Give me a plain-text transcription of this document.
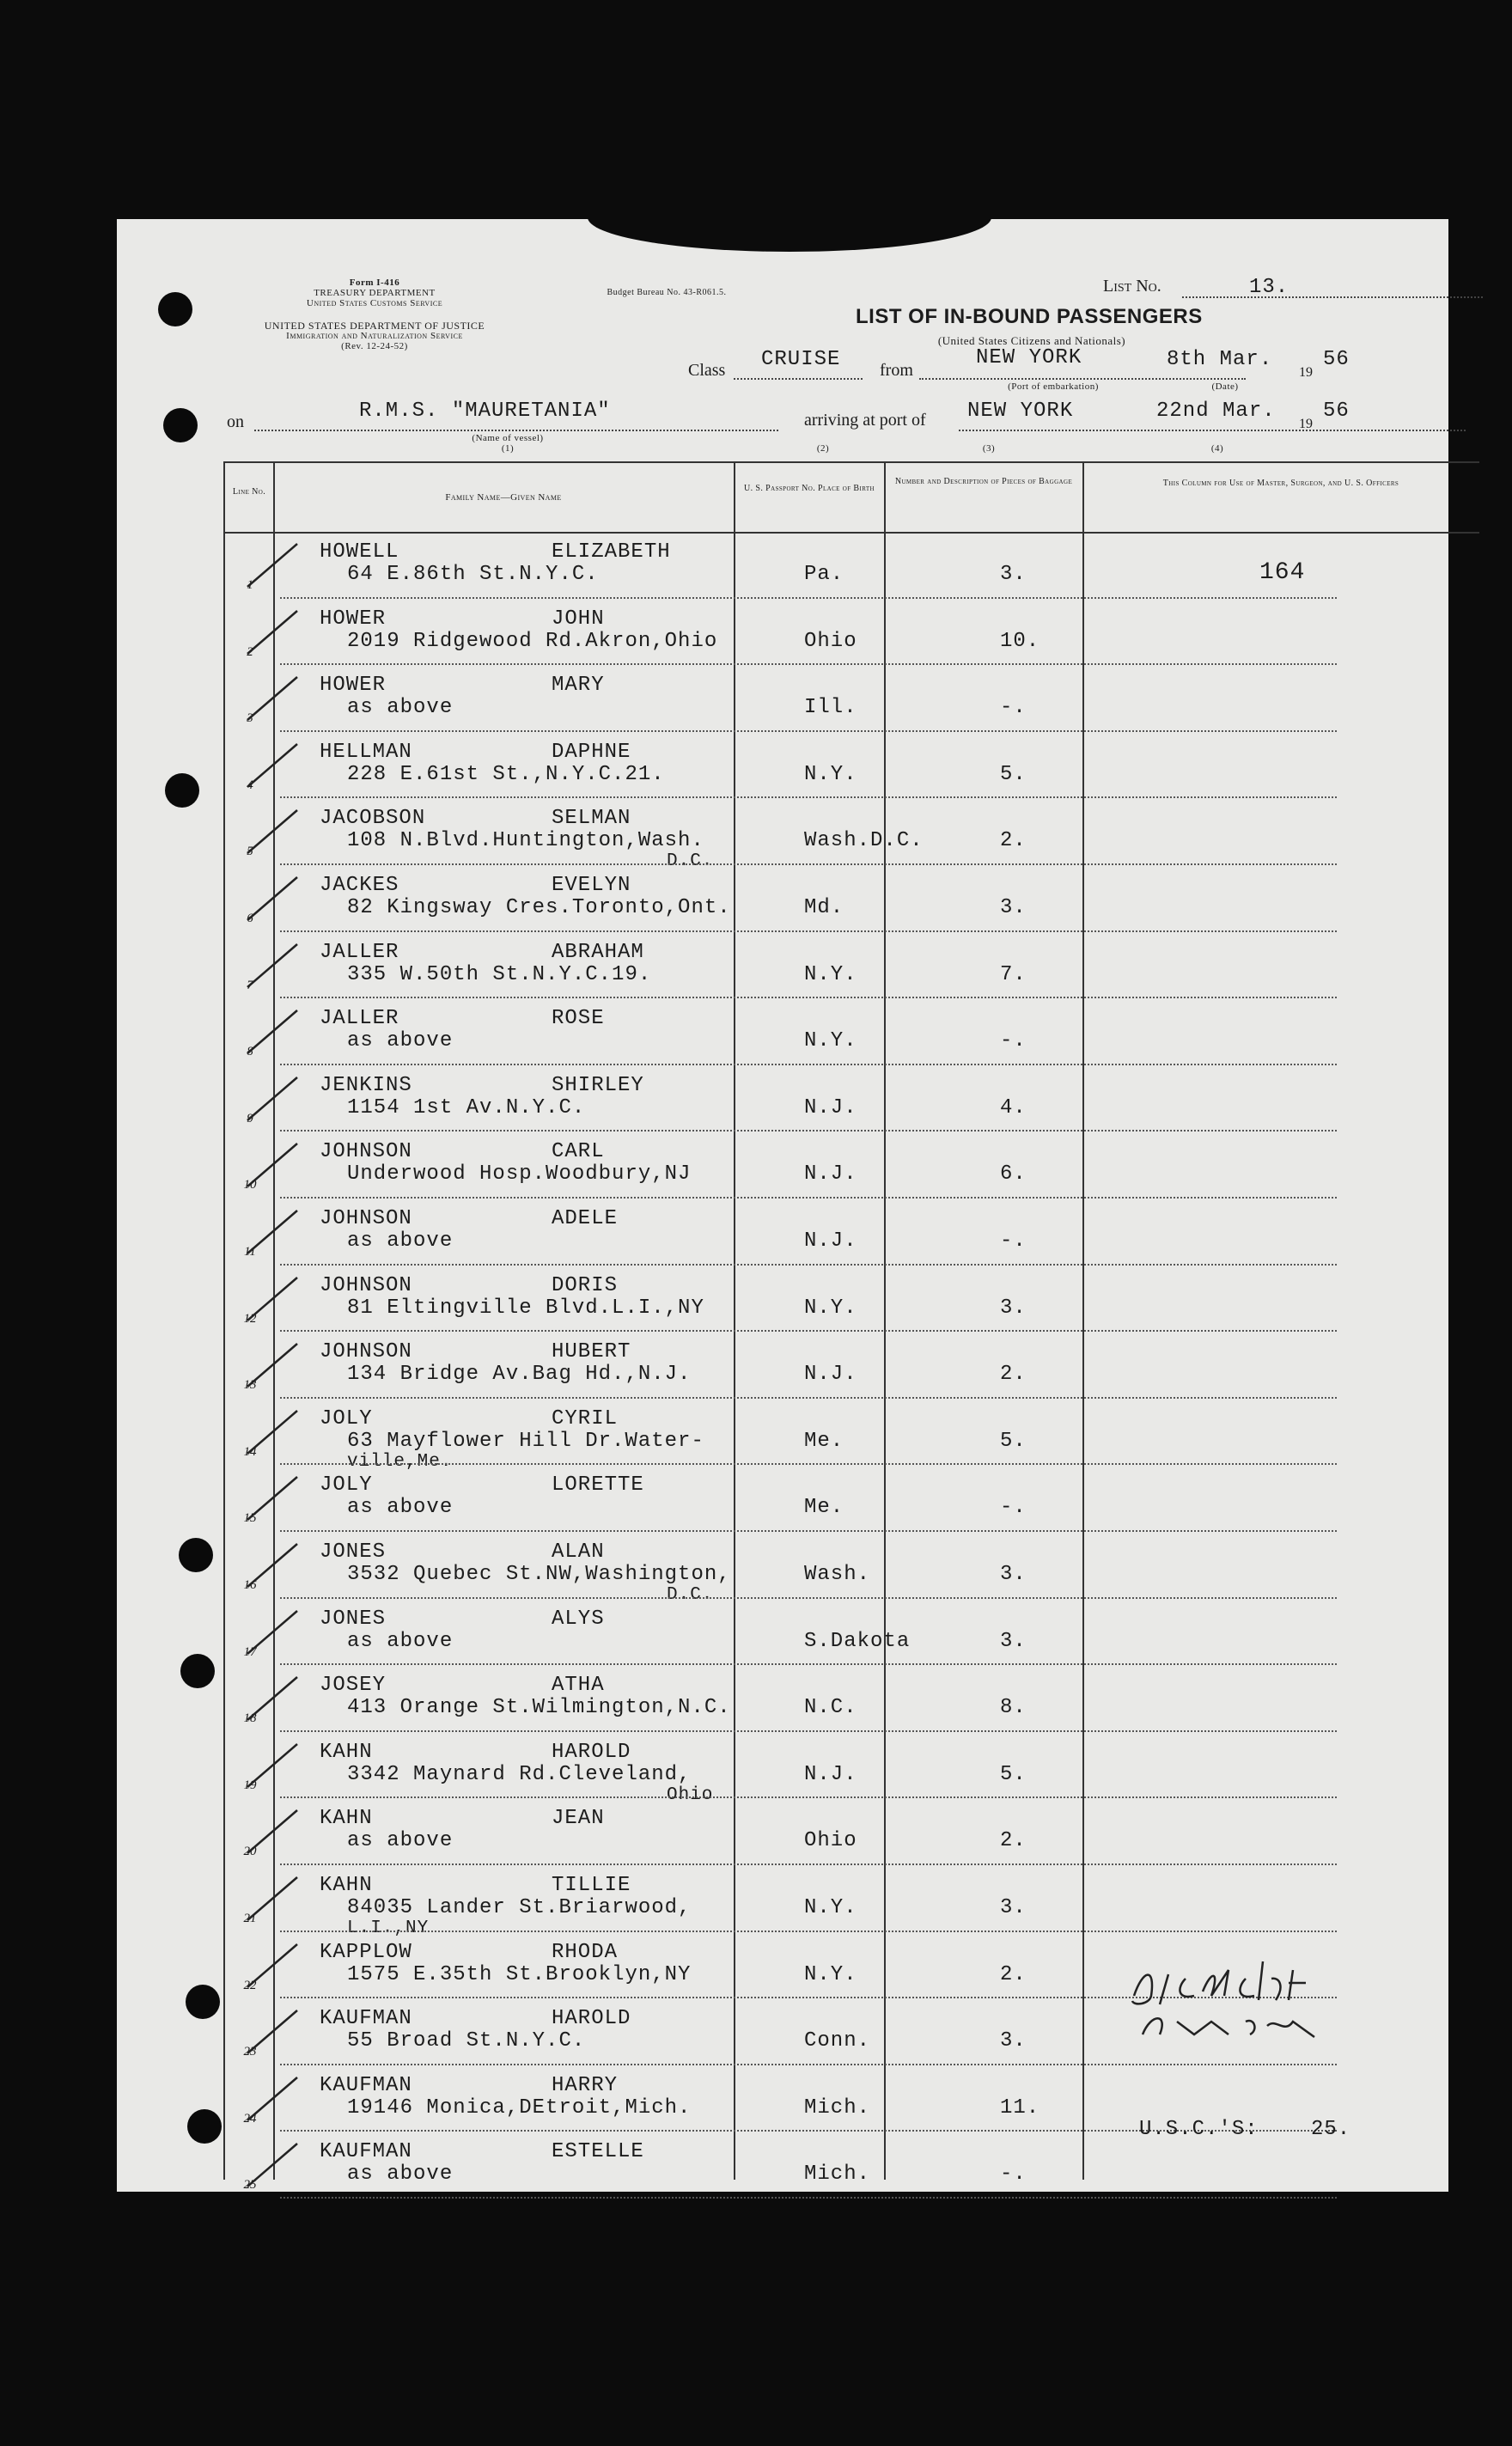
Form I-416
TREASURY DEPARTMENT
United States Customs Service
Budget Bureau No. 43-R061.5.
UNITED STATES DEPARTMENT OF JUSTICE
Immigration and Naturalization Service
(Rev. 12-24-52)
List No.	13.
LIST OF IN-BOUND PASSENGERS
(United States Citizens and Nationals)
Class CRUISE from
NEW YORK
(Port of embarkation)
8th Mar.
19
56
(Date)
on	R.M.S. "MAURETANIA"
(Name of vessel)
(1)
arriving at port of NEW YORK	22nd Mar.
19
56
(2)	(3)	(4)
Line No.
Family Name—Given Name
U. S. Passport No. Place of Birth
Number and Description of Pieces of Baggage	This Column for Use of Master, Surgeon, and U. S. Officers
1
HOWELL	ELIZABETH
64 E.86th St.N.Y.C.	Pa.	3.	164
2
HOWER	JOHN
2019 Ridgewood Rd.Akron,Ohio	Ohio	10.
3
HOWER	MARY
as above	Ill.	-.
4
HELLMAN	DAPHNE
228 E.61st St.,N.Y.C.21.	N.Y.	5.
5
JACOBSON	SELMAN
108 N.Blvd.Huntington,Wash.
D.C.
Wash.D.C.	2.
6
JACKES	EVELYN
82 Kingsway Cres.Toronto,Ont.	Md.	3.
7
JALLER	ABRAHAM
335 W.50th St.N.Y.C.19.	N.Y.	7.
8
JALLER	ROSE
as above	N.Y.	-.
9
JENKINS	SHIRLEY
1154 1st Av.N.Y.C.	N.J.	4.
10
JOHNSON	CARL
Underwood Hosp.Woodbury,NJ	N.J.	6.
11
JOHNSON	ADELE
as above	N.J.	-.
12
JOHNSON	DORIS
81 Eltingville Blvd.L.I.,NY	N.Y.	3.
13
JOHNSON	HUBERT
134 Bridge Av.Bag Hd.,N.J.	N.J.	2.
14
JOLY	CYRIL
63 Mayflower Hill Dr.Water-
ville,Me.
Me.	5.
15
JOLY	LORETTE
as above	Me.	-.
16
JONES	ALAN
3532 Quebec St.NW,Washington,
D.C.
Wash.	3.
17
JONES	ALYS
as above	S.Dakota	3.
18
JOSEY	ATHA
413 Orange St.Wilmington,N.C.	N.C.	8.
19
KAHN	HAROLD
3342 Maynard Rd.Cleveland,
Ohio
N.J.	5.
20
KAHN	JEAN
as above	Ohio	2.
21
KAHN	TILLIE
84035 Lander St.Briarwood,
L.I.,NY
N.Y.	3.
22
KAPPLOW	RHODA
1575 E.35th St.Brooklyn,NY	N.Y.	2.
23
KAUFMAN	HAROLD
55 Broad St.N.Y.C.	Conn.	3.
24
KAUFMAN	HARRY
19146 Monica,DEtroit,Mich.	Mich.	11.
25
KAUFMAN	ESTELLE
as above	Mich.	-.
U.S.C.'S:	25.
